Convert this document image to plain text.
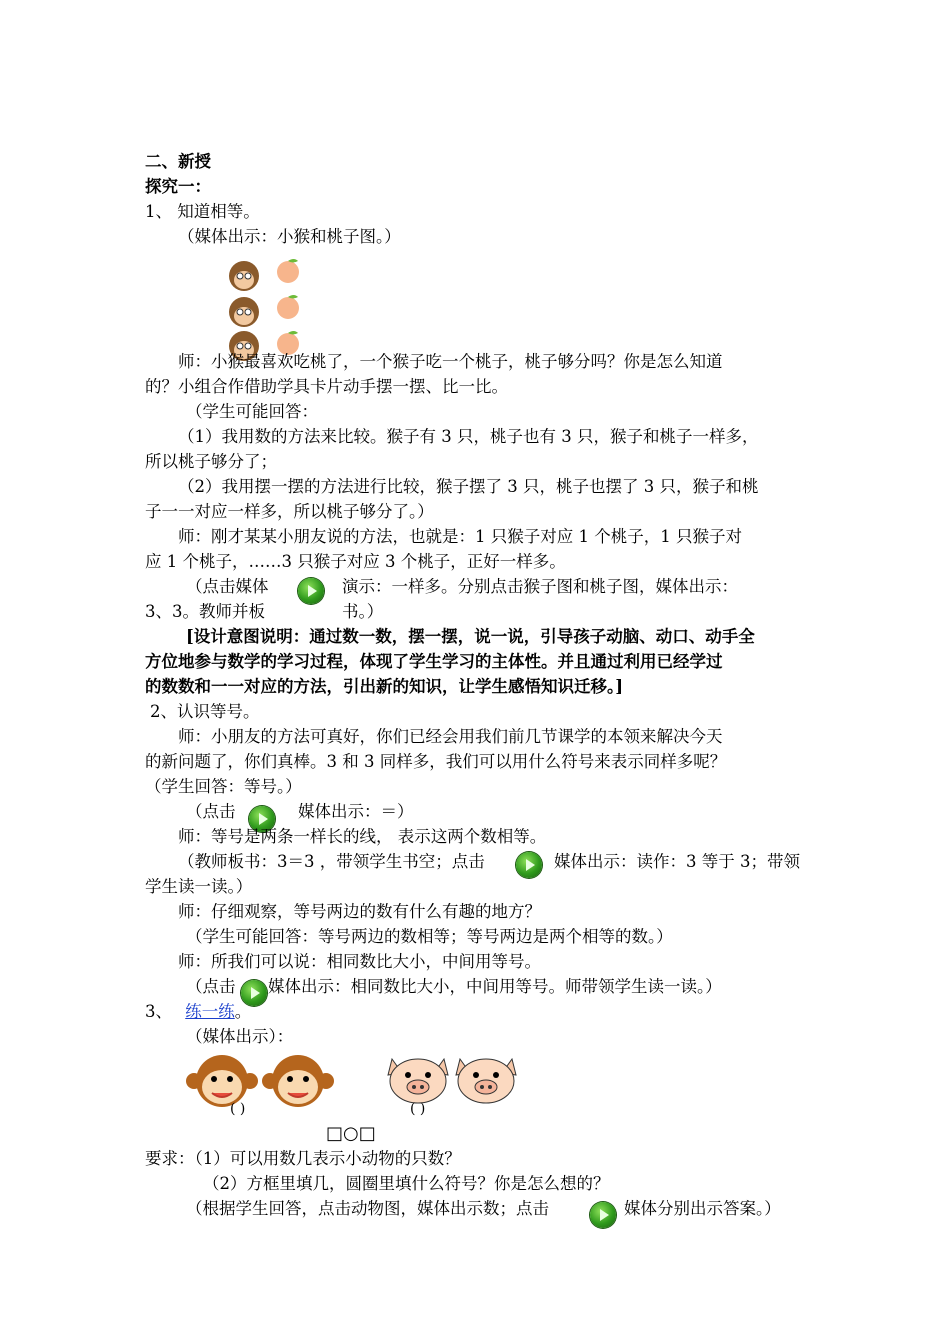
二、新授
探究一：
1、 知道相等。
（媒体出示：小猴和桃子图。）
师：小猴最喜欢吃桃了，一个猴子吃一个桃子，桃子够分吗？你是怎么知道
的？小组合作借助学具卡片动手摆一摆、比一比。
（学生可能回答：
（1）我用数的方法来比较。猴子有 3 只，桃子也有 3 只，猴子和桃子一样多，
所以桃子够分了；
（2）我用摆一摆的方法进行比较，猴子摆了 3 只，桃子也摆了 3 只，猴子和桃
子一一对应一样多，所以桃子够分了。）
师：刚才某某小朋友说的方法，也就是：1 只猴子对应 1 个桃子，1 只猴子对
应 1 个桃子，……3 只猴子对应 3 个桃子，正好一样多。
（点击媒体	演示：一样多。分别点击猴子图和桃子图，媒体出示：
3、3。教师并板	书。）
[设计意图说明：通过数一数，摆一摆，说一说，引导孩子动脑、动口、动手全
方位地参与数学的学习过程，体现了学生学习的主体性。并且通过利用已经学过
的数数和一一对应的方法，引出新的知识，让学生感悟知识迁移。]
2、认识等号。
师：小朋友的方法可真好，你们已经会用我们前几节课学的本领来解决今天
的新问题了，你们真棒。3 和 3 同样多，我们可以用什么符号来表示同样多呢？
（学生回答：等号。）
（点击	媒体出示：＝）
师：等号是两条一样长的线， 表示这两个数相等。
（教师板书：3＝3 ，带领学生书空；点击	媒体出示：读作：3 等于 3；带领
学生读一读。）
师：仔细观察，等号两边的数有什么有趣的地方？
（学生可能回答：等号两边的数相等；等号两边是两个相等的数。）
师：所我们可以说：相同数比大小，中间用等号。
（点击 媒体出示：相同数比大小，中间用等号。师带领学生读一读。）
3、 练一练。
（媒体出示）：
( )	( )
□○□
要求：（1）可以用数几表示小动物的只数？
（2）方框里填几，圆圈里填什么符号？你是怎么想的？
（根据学生回答，点击动物图，媒体出示数；点击	媒体分别出示答案。）
